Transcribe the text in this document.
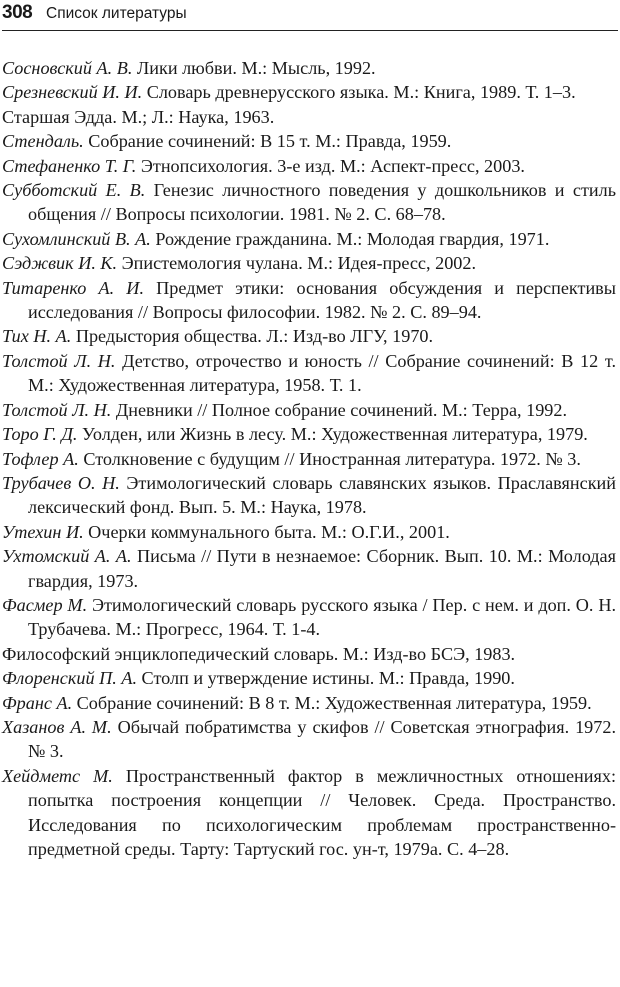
308 Список литературы
Сосновский А. В. Лики любви. М.: Мысль, 1992.
Срезневский И. И. Словарь древнерусского языка. М.: Книга, 1989. Т. 1–3.
Старшая Эдда. М.; Л.: Наука, 1963.
Стендаль. Собрание сочинений: В 15 т. М.: Правда, 1959.
Стефаненко Т. Г. Этнопсихология. 3-е изд. М.: Аспект-пресс, 2003.
Субботский Е. В. Генезис личностного поведения у дошкольников и стиль общения // Вопросы психологии. 1981. № 2. С. 68–78.
Сухомлинский В. А. Рождение гражданина. М.: Молодая гвардия, 1971.
Сэджвик И. К. Эпистемология чулана. М.: Идея-пресс, 2002.
Титаренко А. И. Предмет этики: основания обсуждения и перспективы исследования // Вопросы философии. 1982. № 2. С. 89–94.
Тих Н. А. Предыстория общества. Л.: Изд-во ЛГУ, 1970.
Толстой Л. Н. Детство, отрочество и юность // Собрание сочинений: В 12 т. М.: Художественная литература, 1958. Т. 1.
Толстой Л. Н. Дневники // Полное собрание сочинений. М.: Терра, 1992.
Торо Г. Д. Уолден, или Жизнь в лесу. М.: Художественная литература, 1979.
Тофлер А. Столкновение с будущим // Иностранная литература. 1972. № 3.
Трубачев О. Н. Этимологический словарь славянских языков. Праславянский лексический фонд. Вып. 5. М.: Наука, 1978.
Утехин И. Очерки коммунального быта. М.: О.Г.И., 2001.
Ухтомский А. А. Письма // Пути в незнаемое: Сборник. Вып. 10. М.: Молодая гвардия, 1973.
Фасмер М. Этимологический словарь русского языка / Пер. с нем. и доп. О. Н. Трубачева. М.: Прогресс, 1964. Т. 1-4.
Философский энциклопедический словарь. М.: Изд-во БСЭ, 1983.
Флоренский П. А. Столп и утверждение истины. М.: Правда, 1990.
Франс А. Собрание сочинений: В 8 т. М.: Художественная литература, 1959.
Хазанов А. М. Обычай побратимства у скифов // Советская этнография. 1972. № 3.
Хейдметс М. Пространственный фактор в межличностных отношениях: попытка построения концепции // Человек. Среда. Пространство. Исследования по психологическим проблемам пространственно-предметной среды. Тарту: Тартуский гос. ун-т, 1979а. С. 4–28.
